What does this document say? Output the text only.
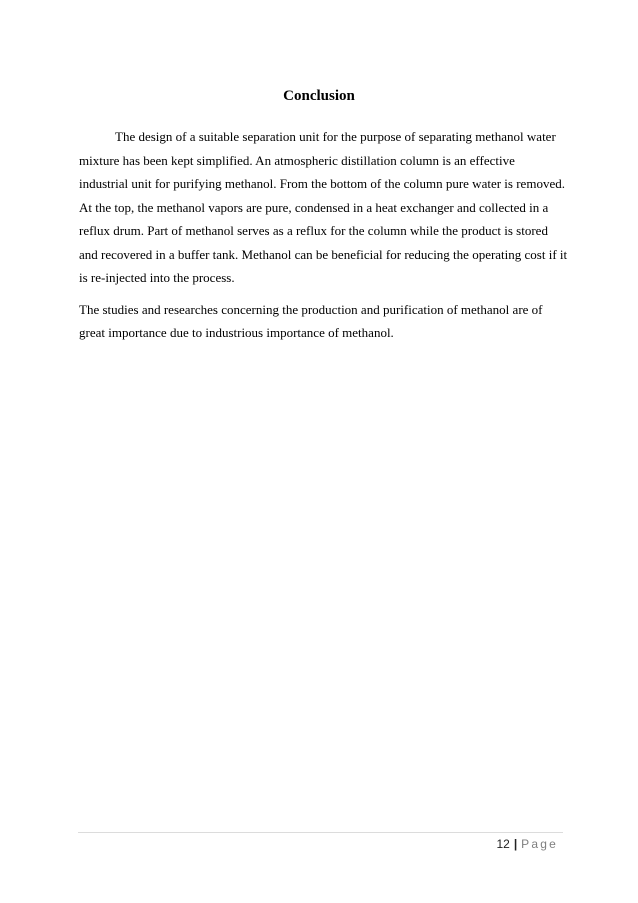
Conclusion

The design of a suitable separation unit for the purpose of separating methanol water

mixture has been kept simplified. An atmospheric distillation column is an effective

industrial unit for purifying methanol. From the bottom of the column pure water is removed.

At the top, the methanol vapors are pure, condensed in a heat exchanger and collected in a

reflux drum. Part of methanol serves as a reflux for the column while the product is stored

and recovered in a buffer tank. Methanol can be beneficial for reducing the operating cost if it

is re-injected into the process.

The studies and researches concerning the production and purification of methanol are of

great importance due to industrious importance of methanol.

12 | Page
